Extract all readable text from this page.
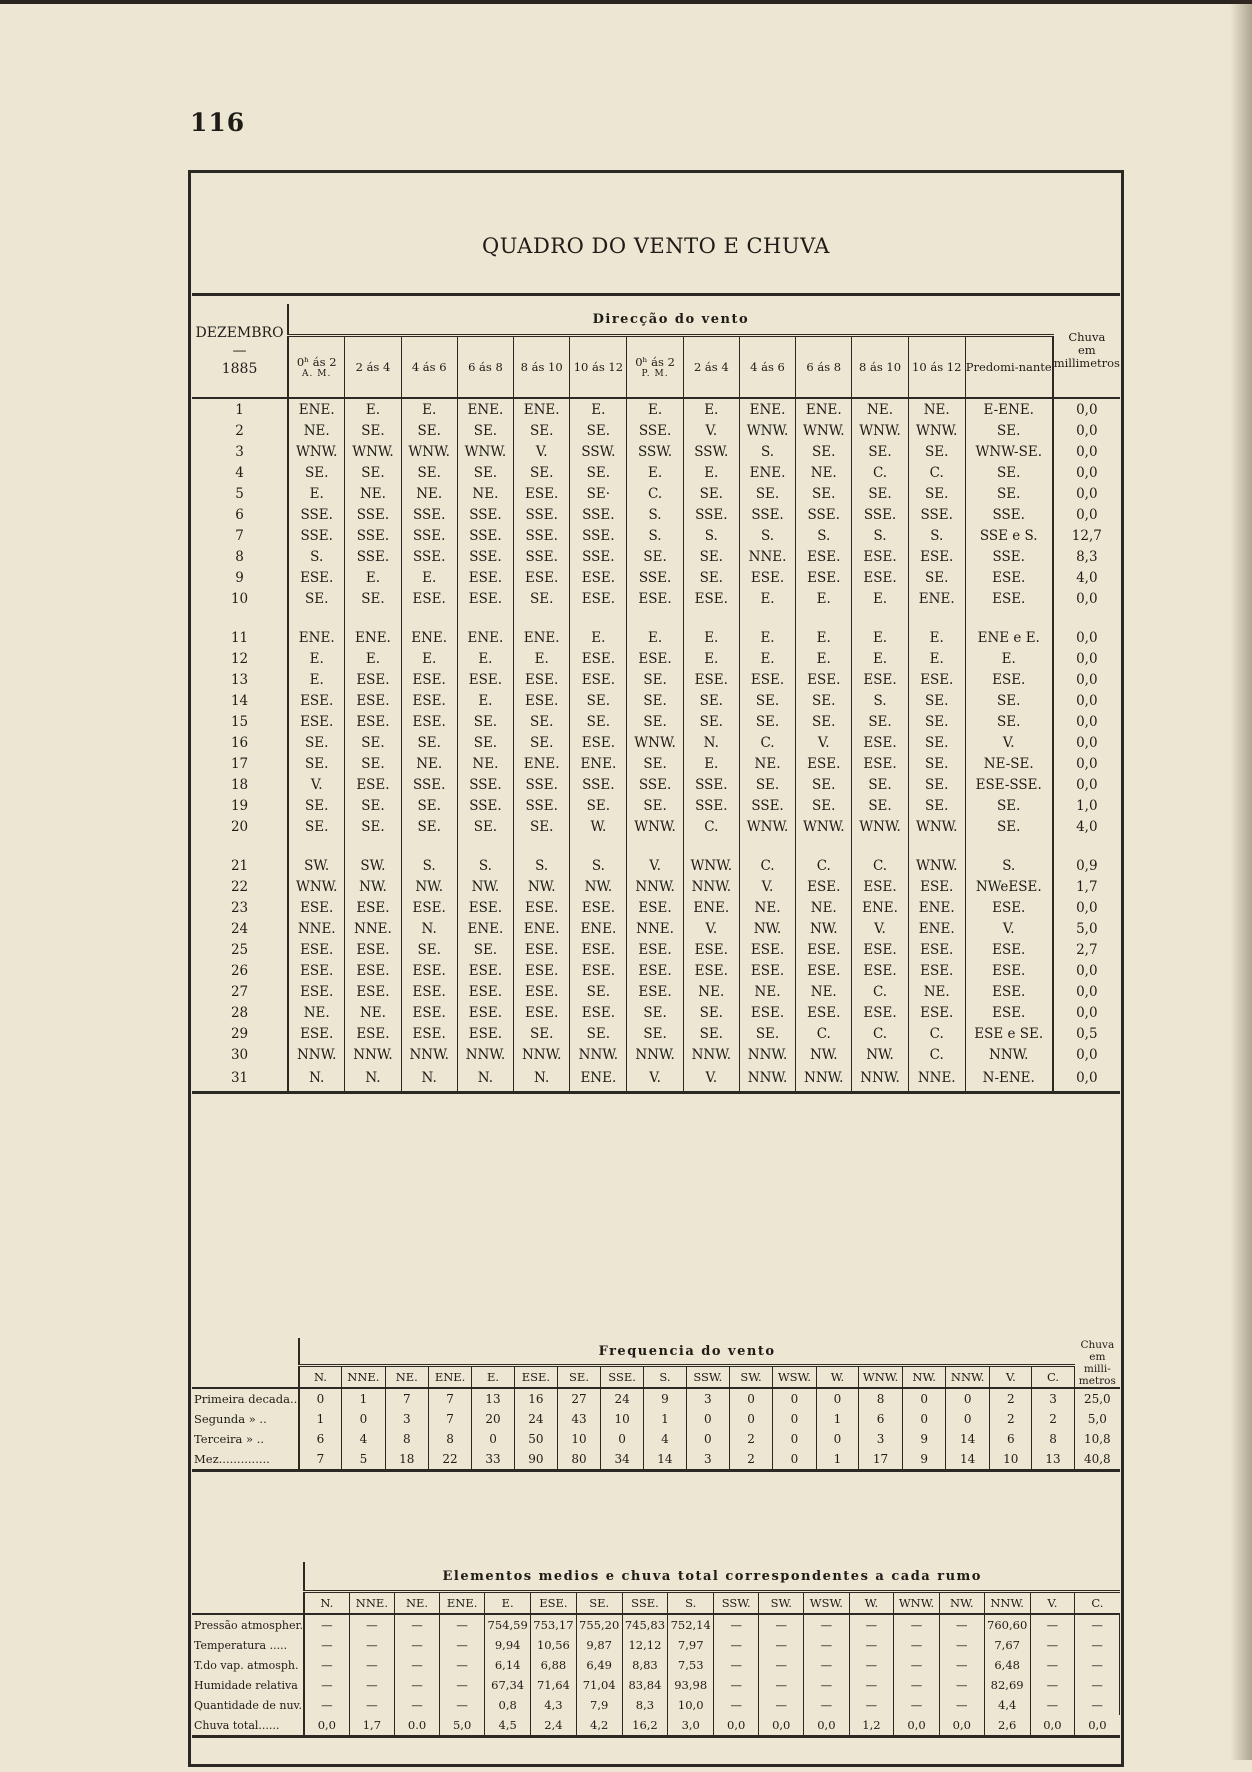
116
QUADRO DO VENTO E CHUVA
DEZEMBRO
—
1885	Direcção do vento													Chuva
em
millimetros
	0ʰ ás 2
A. M.	2 ás 4	4 ás 6	6 ás 8	8 ás 10	10 ás 12	0ʰ ás 2
P. M.	2 ás 4	4 ás 6	6 ás 8	8 ás 10	10 ás 12	Predomi-nante	
1	ENE.	E.	E.	ENE.	ENE.	E.	E.	E.	ENE.	ENE.	NE.	NE.	E-ENE.	0,0
2	NE.	SE.	SE.	SE.	SE.	SE.	SSE.	V.	WNW.	WNW.	WNW.	WNW.	SE.	0,0
3	WNW.	WNW.	WNW.	WNW.	V.	SSW.	SSW.	SSW.	S.	SE.	SE.	SE.	WNW-SE.	0,0
4	SE.	SE.	SE.	SE.	SE.	SE.	E.	E.	ENE.	NE.	C.	C.	SE.	0,0
5	E.	NE.	NE.	NE.	ESE.	SE·	C.	SE.	SE.	SE.	SE.	SE.	SE.	0,0
6	SSE.	SSE.	SSE.	SSE.	SSE.	SSE.	S.	SSE.	SSE.	SSE.	SSE.	SSE.	SSE.	0,0
7	SSE.	SSE.	SSE.	SSE.	SSE.	SSE.	S.	S.	S.	S.	S.	S.	SSE e S.	12,7
8	S.	SSE.	SSE.	SSE.	SSE.	SSE.	SE.	SE.	NNE.	ESE.	ESE.	ESE.	SSE.	8,3
9	ESE.	E.	E.	ESE.	ESE.	ESE.	SSE.	SE.	ESE.	ESE.	ESE.	SE.	ESE.	4,0
10	SE.	SE.	ESE.	ESE.	SE.	ESE.	ESE.	ESE.	E.	E.	E.	ENE.	ESE.	0,0

11	ENE.	ENE.	ENE.	ENE.	ENE.	E.	E.	E.	E.	E.	E.	E.	ENE e E.	0,0
12	E.	E.	E.	E.	E.	ESE.	ESE.	E.	E.	E.	E.	E.	E.	0,0
13	E.	ESE.	ESE.	ESE.	ESE.	ESE.	SE.	ESE.	ESE.	ESE.	ESE.	ESE.	ESE.	0,0
14	ESE.	ESE.	ESE.	E.	ESE.	SE.	SE.	SE.	SE.	SE.	S.	SE.	SE.	0,0
15	ESE.	ESE.	ESE.	SE.	SE.	SE.	SE.	SE.	SE.	SE.	SE.	SE.	SE.	0,0
16	SE.	SE.	SE.	SE.	SE.	ESE.	WNW.	N.	C.	V.	ESE.	SE.	V.	0,0
17	SE.	SE.	NE.	NE.	ENE.	ENE.	SE.	E.	NE.	ESE.	ESE.	SE.	NE-SE.	0,0
18	V.	ESE.	SSE.	SSE.	SSE.	SSE.	SSE.	SSE.	SE.	SE.	SE.	SE.	ESE-SSE.	0,0
19	SE.	SE.	SE.	SSE.	SSE.	SE.	SE.	SSE.	SSE.	SE.	SE.	SE.	SE.	1,0
20	SE.	SE.	SE.	SE.	SE.	W.	WNW.	C.	WNW.	WNW.	WNW.	WNW.	SE.	4,0

21	SW.	SW.	S.	S.	S.	S.	V.	WNW.	C.	C.	C.	WNW.	S.	0,9
22	WNW.	NW.	NW.	NW.	NW.	NW.	NNW.	NNW.	V.	ESE.	ESE.	ESE.	NWeESE.	1,7
23	ESE.	ESE.	ESE.	ESE.	ESE.	ESE.	ESE.	ENE.	NE.	NE.	ENE.	ENE.	ESE.	0,0
24	NNE.	NNE.	N.	ENE.	ENE.	ENE.	NNE.	V.	NW.	NW.	V.	ENE.	V.	5,0
25	ESE.	ESE.	SE.	SE.	ESE.	ESE.	ESE.	ESE.	ESE.	ESE.	ESE.	ESE.	ESE.	2,7
26	ESE.	ESE.	ESE.	ESE.	ESE.	ESE.	ESE.	ESE.	ESE.	ESE.	ESE.	ESE.	ESE.	0,0
27	ESE.	ESE.	ESE.	ESE.	ESE.	SE.	ESE.	NE.	NE.	NE.	C.	NE.	ESE.	0,0
28	NE.	NE.	ESE.	ESE.	ESE.	ESE.	SE.	SE.	ESE.	ESE.	ESE.	ESE.	ESE.	0,0
29	ESE.	ESE.	ESE.	ESE.	SE.	SE.	SE.	SE.	SE.	C.	C.	C.	ESE e SE.	0,5
30	NNW.	NNW.	NNW.	NNW.	NNW.	NNW.	NNW.	NNW.	NNW.	NW.	NW.	C.	NNW.	0,0
31	N.	N.	N.	N.	N.	ENE.	V.	V.	NNW.	NNW.	NNW.	NNE.	N-ENE.	0,0
	Frequencia do vento																		Chuva
em
milli-
metros
	N.	NNE.	NE.	ENE.	E.	ESE.	SE.	SSE.	S.	SSW.	SW.	WSW.	W.	WNW.	NW.	NNW.	V.	C.	
Primeira decada..	0	1	7	7	13	16	27	24	9	3	0	0	0	8	0	0	2	3	25,0
Segunda » ..	1	0	3	7	20	24	43	10	1	0	0	0	1	6	0	0	2	2	5,0
Terceira » ..	6	4	8	8	0	50	10	0	4	0	2	0	0	3	9	14	6	8	10,8
Mez..............	7	5	18	22	33	90	80	34	14	3	2	0	1	17	9	14	10	13	40,8
	Elementos medios e chuva total correspondentes a cada rumo																	
	N.	NNE.	NE.	ENE.	E.	ESE.	SE.	SSE.	S.	SSW.	SW.	WSW.	W.	WNW.	NW.	NNW.	V.	C.
Pressão atmospher.	—	—	—	—	754,59	753,17	755,20	745,83	752,14	—	—	—	—	—	—	760,60	—	—
Temperatura .....	—	—	—	—	9,94	10,56	9,87	12,12	7,97	—	—	—	—	—	—	7,67	—	—
T.do vap. atmosph.	—	—	—	—	6,14	6,88	6,49	8,83	7,53	—	—	—	—	—	—	6,48	—	—
Humidade relativa	—	—	—	—	67,34	71,64	71,04	83,84	93,98	—	—	—	—	—	—	82,69	—	—
Quantidade de nuv.	—	—	—	—	0,8	4,3	7,9	8,3	10,0	—	—	—	—	—	—	4,4	—	—
Chuva total......	0,0	1,7	0.0	5,0	4,5	2,4	4,2	16,2	3,0	0,0	0,0	0,0	1,2	0,0	0,0	2,6	0,0	0,0
